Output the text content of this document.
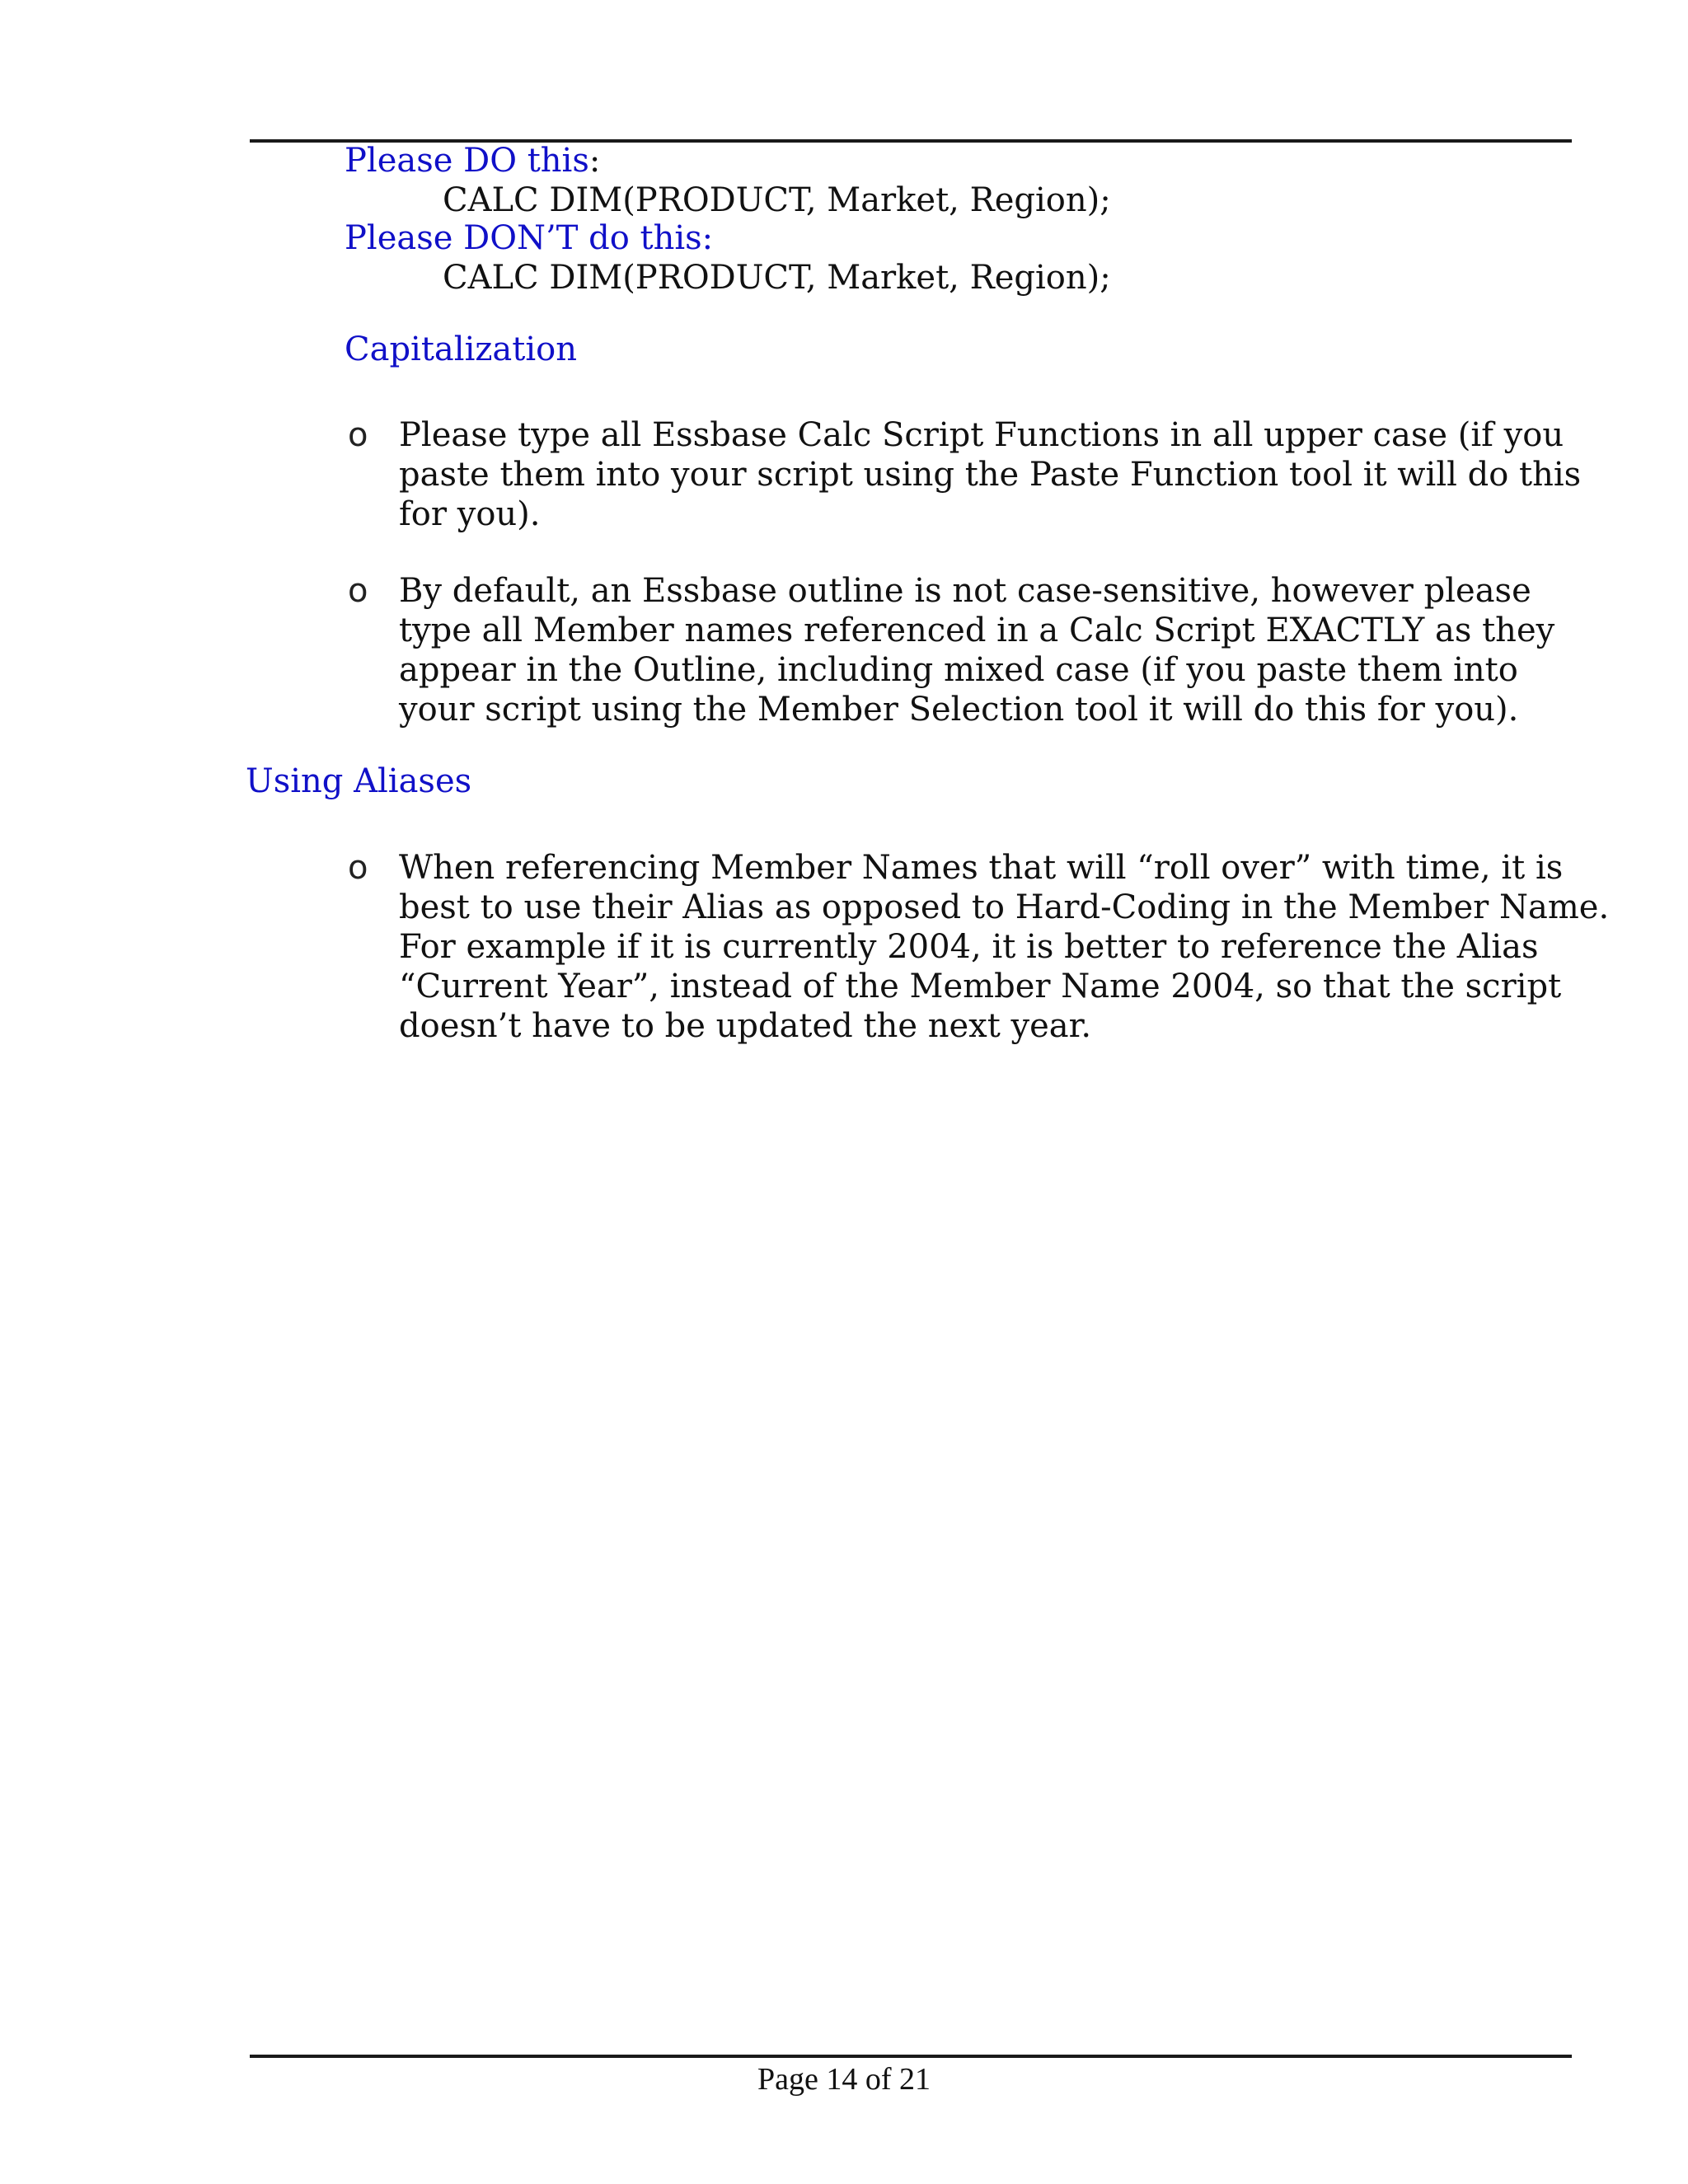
Please DO this:
CALC DIM(PRODUCT, Market, Region);
Please DON’T do this:
CALC DIM(PRODUCT, Market, Region);
Capitalization
o Please type all Essbase Calc Script Functions in all upper case (if you
paste them into your script using the Paste Function tool it will do this
for you).
o By default, an Essbase outline is not case-sensitive, however please
type all Member names referenced in a Calc Script EXACTLY as they
appear in the Outline, including mixed case (if you paste them into
your script using the Member Selection tool it will do this for you).
Using Aliases
o When referencing Member Names that will “roll over” with time, it is
best to use their Alias as opposed to Hard-Coding in the Member Name.
For example if it is currently 2004, it is better to reference the Alias
“Current Year”, instead of the Member Name 2004, so that the script
doesn’t have to be updated the next year.
Page 14 of 21
